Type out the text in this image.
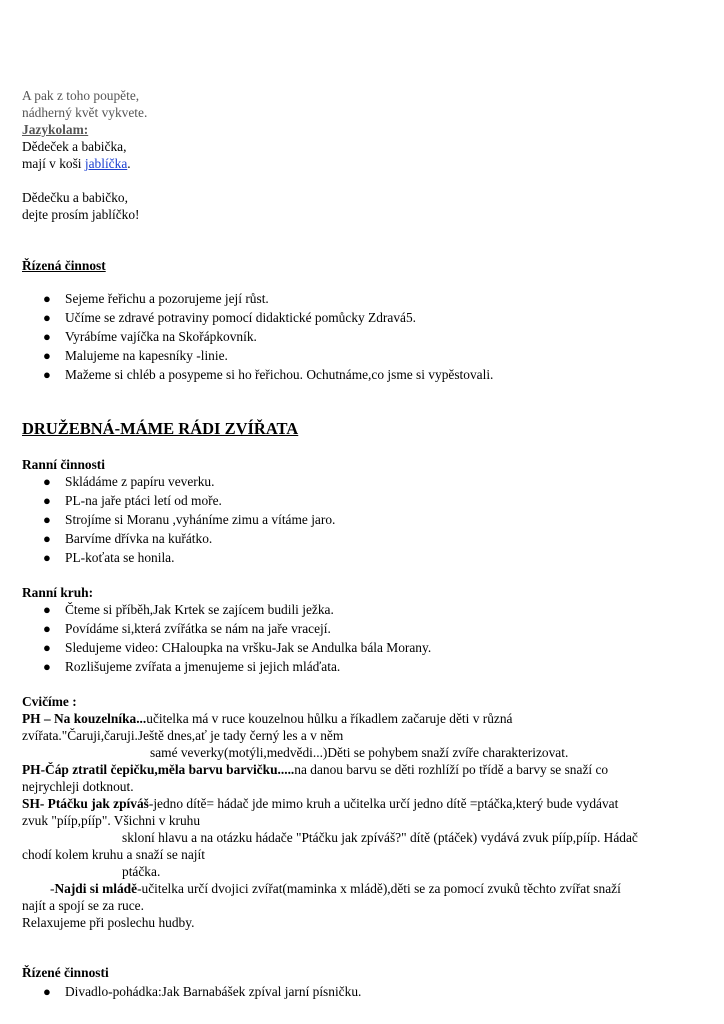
A pak z toho poupěte,
nádherný květ vykvete.
Jazykolam:
Dědeček a babička,
mají v koši jablíčka.
Dědečku a babičko,
dejte prosím jablíčko!
Řízená činnost
● Sejeme řeřichu a pozorujeme její růst.
● Učíme se zdravé potraviny pomocí didaktické pomůcky Zdravá5.
● Vyrábíme vajíčka na Skořápkovník.
● Malujeme na kapesníky -linie.
● Mažeme si chléb a posypeme si ho řeřichou. Ochutnáme,co jsme si vypěstovali.
DRUŽEBNÁ-MÁME RÁDI ZVÍŘATA
Ranní činnosti
● Skládáme z papíru veverku.
● PL-na jaře ptáci letí od moře.
● Strojíme si Moranu ,vyháníme zimu a vítáme jaro.
● Barvíme dřívka na kuřátko.
● PL-koťata se honila.
Ranní kruh:
● Čteme si příběh,Jak Krtek se zajícem budili ježka.
● Povídáme si,která zvířátka se nám na jaře vracejí.
● Sledujeme video: CHaloupka na vršku-Jak se Andulka bála Morany.
● Rozlišujeme zvířata a jmenujeme si jejich mláďata.
Cvičíme :
PH – Na kouzelníka...učitelka má v ruce kouzelnou hůlku a říkadlem začaruje děti v různá
zvířata."Čaruji,čaruji.Ještě dnes,ať je tady černý les a v něm
samé veverky(motýli,medvědi...)Děti se pohybem snaží zvíře charakterizovat.
PH-Čáp ztratil čepičku,měla barvu barvičku.....na danou barvu se děti rozhlíží po třídě a barvy se snaží co
nejrychleji dotknout.
SH- Ptáčku jak zpíváš-jedno dítě= hádač jde mimo kruh a učitelka určí jedno dítě =ptáčka,který bude vydávat
zvuk "pííp,pííp". Všichni v kruhu
skloní hlavu a na otázku hádače "Ptáčku jak zpíváš?" dítě (ptáček) vydává zvuk pííp,pííp. Hádač
chodí kolem kruhu a snaží se najít
ptáčka.
-Najdi si mládě-učitelka určí dvojici zvířat(maminka x mládě),děti se za pomocí zvuků těchto zvířat snaží
najít a spojí se za ruce.
Relaxujeme při poslechu hudby.
Řízené činnosti
● Divadlo-pohádka:Jak Barnabášek zpíval jarní písničku.
